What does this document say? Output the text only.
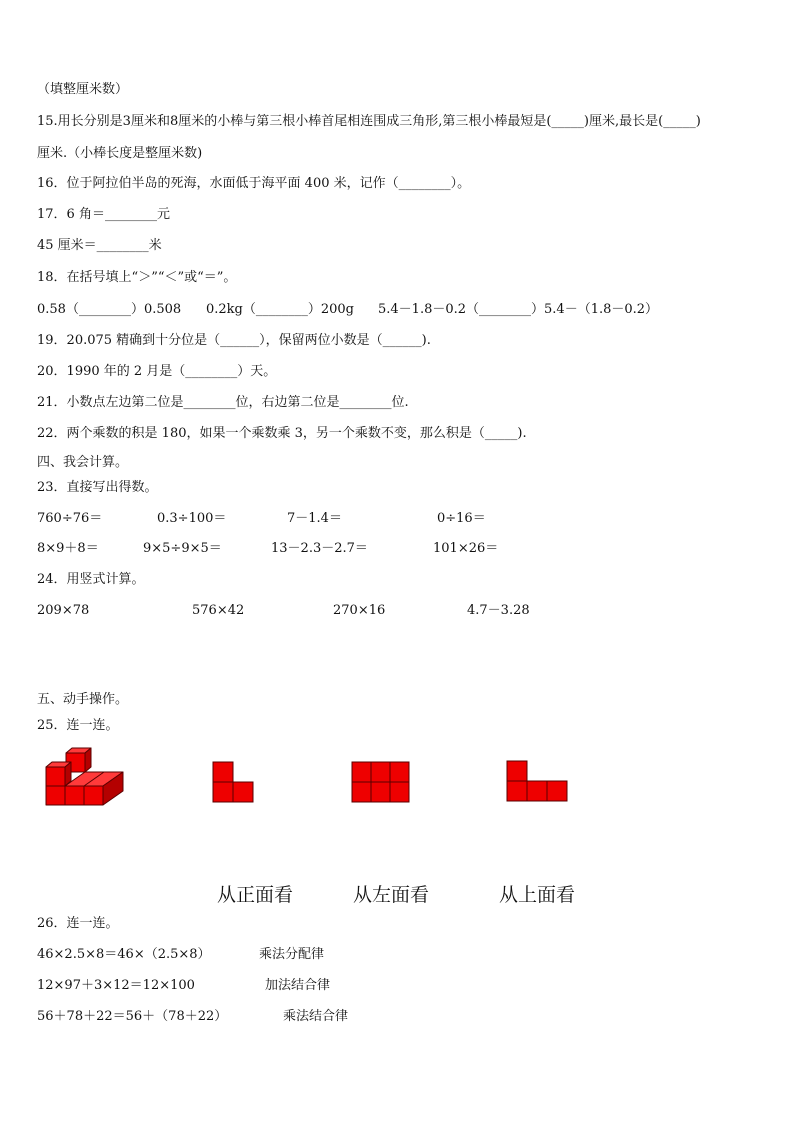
（填整厘米数）
15.用长分别是3厘米和8厘米的小棒与第三根小棒首尾相连围成三角形,第三根小棒最短是(_____)厘米,最长是(_____)
厘米.（小棒长度是整厘米数)
16．位于阿拉伯半岛的死海，水面低于海平面 400 米，记作（________）。
17．6 角＝________元
45 厘米＝________米
18．在括号填上“＞”“＜”或“＝”。
0.58（________）0.508 0.2kg（________）200g 5.4－1.8－0.2（________）5.4－（1.8－0.2）
19．20.075 精确到十分位是（______），保留两位小数是（______).
20．1990 年的 2 月是（________）天。
21．小数点左边第二位是________位，右边第二位是________位.
22．两个乘数的积是 180，如果一个乘数乘 3，另一个乘数不变，那么积是（_____).
四、我会计算。
23．直接写出得数。
760÷76＝	0.3÷100＝	7－1.4＝	0÷16＝
8×9＋8＝	9×5÷9×5＝	13－2.3－2.7＝	101×26＝
24．用竖式计算。
209×78	576×42	270×16	4.7－3.28
五、动手操作。
25．连一连。
从正面看	从左面看	从上面看
26．连一连。
46×2.5×8＝46×（2.5×8）	乘法分配律
12×97＋3×12＝12×100	加法结合律
56＋78＋22＝56＋（78＋22）	乘法结合律
